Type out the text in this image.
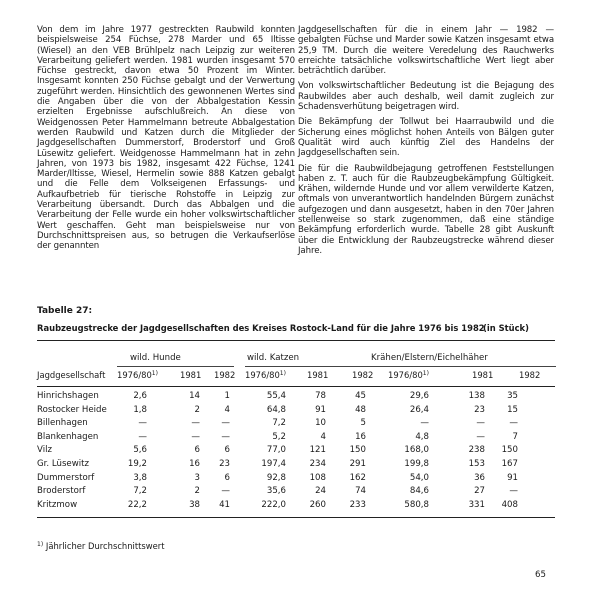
Von dem im Jahre 1977 gestreckten Raubwild konnten beispielsweise 254 Füchse, 278 Marder und 65 Iltisse (Wiesel) an den VEB Brühlpelz nach Leipzig zur weiteren Verarbeitung geliefert werden. 1981 wurden insgesamt 570 Füchse gestreckt, davon etwa 50 Prozent im Winter. Insgesamt konnten 250 Füchse gebalgt und der Verwertung zugeführt werden. Hinsichtlich des gewonnenen Wertes sind die Angaben über die von der Abbalgestation Kessin erzielten Ergebnisse aufschlußreich. An diese von Weidgenossen Peter Hammelmann betreute Abbalgestation werden Raubwild und Katzen durch die Mitglieder der Jagdgesellschaften Dummerstorf, Broderstorf und Groß Lüsewitz geliefert. Weidgenosse Hammelmann hat in zehn Jahren, von 1973 bis 1982, insgesamt 422 Füchse, 1241 Marder/Iltisse, Wiesel, Hermelin sowie 888 Katzen gebalgt und die Felle dem Volkseigenen Erfassungs- und Aufkaufbetrieb für tierische Rohstoffe in Leipzig zur Verarbeitung übersandt. Durch das Abbalgen und die Verarbeitung der Felle wurde ein hoher volkswirtschaftlicher Wert geschaffen. Geht man beispielsweise nur von Durchschnittspreisen aus, so betrugen die Verkaufserlöse der genannten

Jagdgesellschaften für die in einem Jahr — 1982 — gebalgten Füchse und Marder sowie Katzen insgesamt etwa 25,9 TM. Durch die weitere Veredelung des Rauchwerks erreichte tatsächliche volkswirtschaftliche Wert liegt aber beträchtlich darüber.

Von volkswirtschaftlicher Bedeutung ist die Bejagung des Raubwildes aber auch deshalb, weil damit zugleich zur Schadensverhütung beigetragen wird.

Die Bekämpfung der Tollwut bei Haarraubwild und die Sicherung eines möglichst hohen Anteils von Bälgen guter Qualität wird auch künftig Ziel des Handelns der Jagdgesellschaften sein.

Die für die Raubwildbejagung getroffenen Feststellungen haben z. T. auch für die Raubzeugbekämpfung Gültigkeit. Krähen, wildernde Hunde und vor allem verwilderte Katzen, oftmals von unverantwortlich handelnden Bürgern zunächst aufgezogen und dann ausgesetzt, haben in den 70er Jahren stellenweise so stark zugenommen, daß eine ständige Bekämpfung erforderlich wurde. Tabelle 28 gibt Auskunft über die Entwicklung der Raubzeugstrecke während dieser Jahre.

Tabelle 27:
Raubzeugstrecke der Jagdgesellschaften des Kreises Rostock-Land für die Jahre 1976 bis 1982
(in Stück)
wild. Hunde	wild. Katzen	Krähen/Elstern/Eichelhäher
Jagdgesellschaft 1976/80$^{1)}$	1981 1982 1976/80$^{1)}$	1981	1982 1976/80$^{1)}$	1981	1982
Hinrichshagen	2,6	14	1	55,4	78	45	29,6	138	35
Rostocker Heide	1,8	2	4	64,8	91	48	26,4	23	15
Billenhagen	—	— —	7,2	10	5	—	—	—
Blankenhagen	—	— —	5,2	4	16	4,8	—	7
Vilz	5,6	6	6	77,0	121	150	168,0	238 150
Gr. Lüsewitz	19,2	16 23	197,4	234	291	199,8	153 167
Dummerstorf	3,8	3	6	92,8	108	162	54,0	36	91
Broderstorf	7,2	2 —	35,6	24	74	84,6	27	—
Kritzmow	22,2	38 41	222,0	260	233	580,8	331 408
$^{1)}$ Jährlicher Durchschnittswert
65
